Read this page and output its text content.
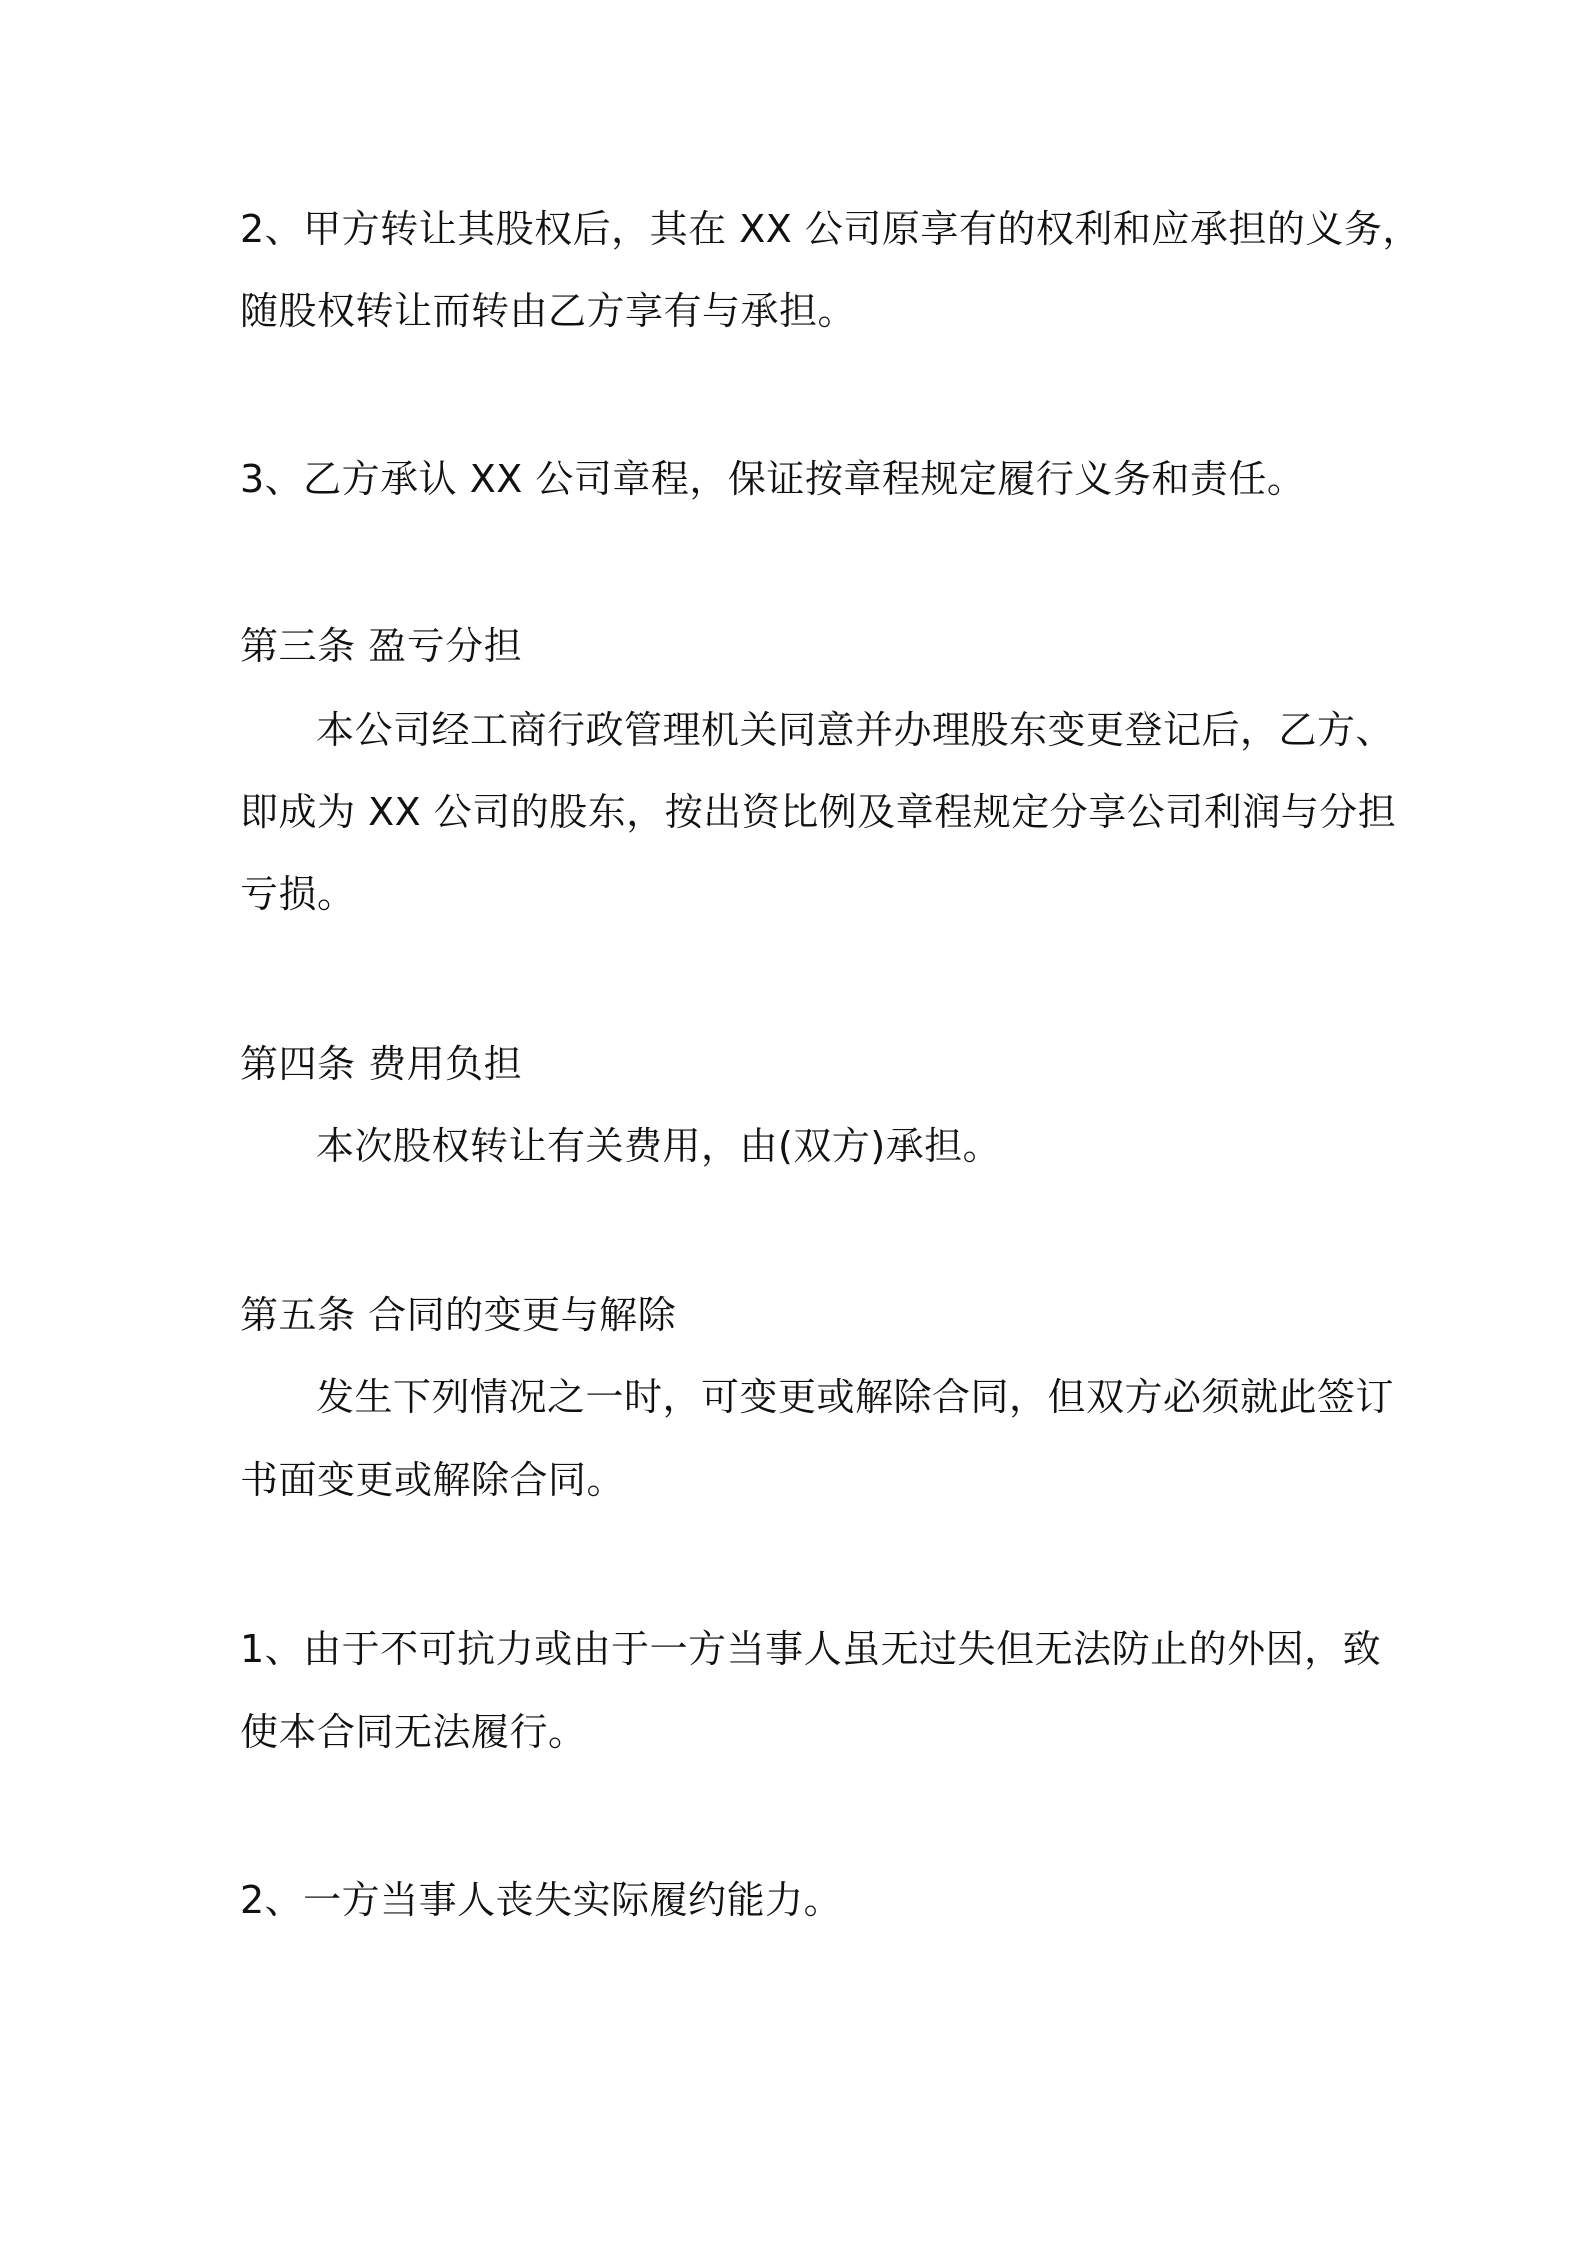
2、甲方转让其股权后，其在 XX 公司原享有的权利和应承担的义务，

随股权转让而转由乙方享有与承担。

3、乙方承认 XX 公司章程，保证按章程规定履行义务和责任。

第三条 盈亏分担

本公司经工商行政管理机关同意并办理股东变更登记后，乙方、

即成为 XX 公司的股东，按出资比例及章程规定分享公司利润与分担

亏损。

第四条 费用负担

本次股权转让有关费用，由(双方)承担。

第五条 合同的变更与解除

发生下列情况之一时，可变更或解除合同，但双方必须就此签订

书面变更或解除合同。

1、由于不可抗力或由于一方当事人虽无过失但无法防止的外因，致

使本合同无法履行。

2、一方当事人丧失实际履约能力。
